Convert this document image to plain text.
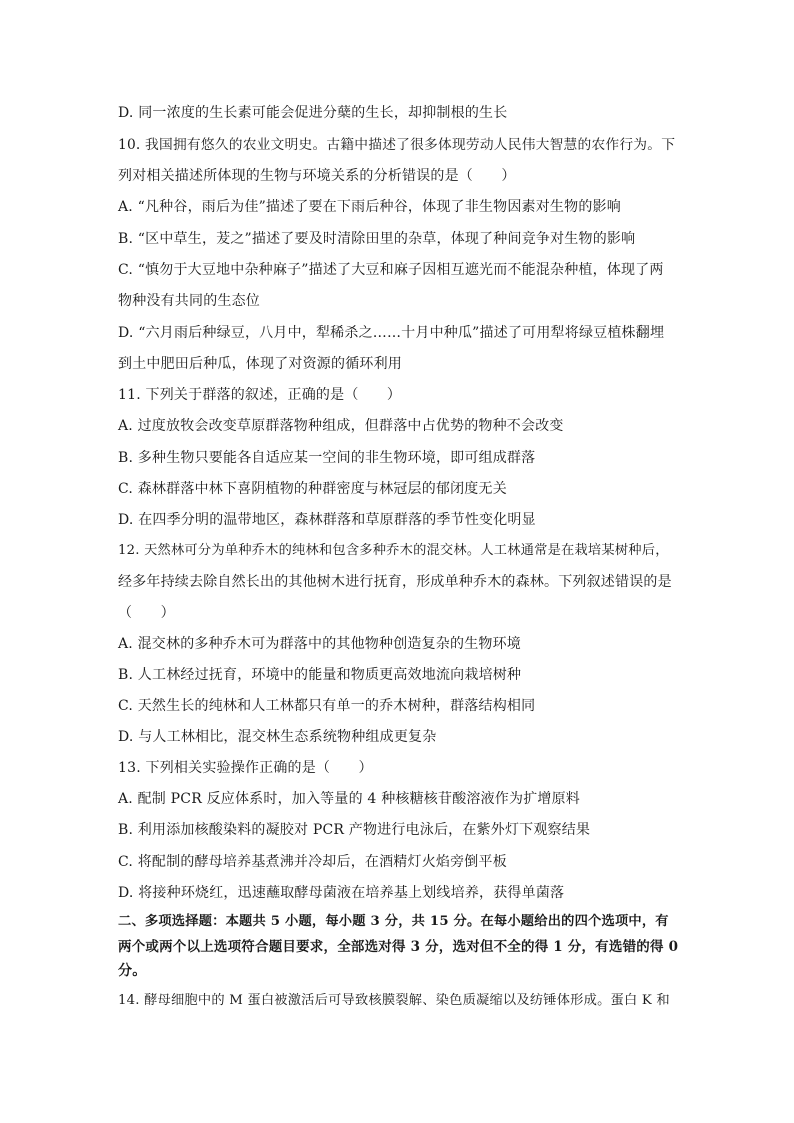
D. 同一浓度的生长素可能会促进分蘖的生长，却抑制根的生长
10. 我国拥有悠久的农业文明史。古籍中描述了很多体现劳动人民伟大智慧的农作行为。下
列对相关描述所体现的生物与环境关系的分析错误的是（　　）
A. “凡种谷，雨后为佳”描述了要在下雨后种谷，体现了非生物因素对生物的影响
B. “区中草生，茇之”描述了要及时清除田里的杂草，体现了种间竞争对生物的影响
C. “慎勿于大豆地中杂种麻子”描述了大豆和麻子因相互遮光而不能混杂种植，体现了两
物种没有共同的生态位
D. “六月雨后种绿豆，八月中，犁稀杀之……十月中种瓜”描述了可用犁将绿豆植株翻埋
到土中肥田后种瓜，体现了对资源的循环利用
11. 下列关于群落的叙述，正确的是（　　）
A. 过度放牧会改变草原群落物种组成，但群落中占优势的物种不会改变
B. 多种生物只要能各自适应某一空间的非生物环境，即可组成群落
C. 森林群落中林下喜阴植物的种群密度与林冠层的郁闭度无关
D. 在四季分明的温带地区，森林群落和草原群落的季节性变化明显
12. 天然林可分为单种乔木的纯林和包含多种乔木的混交林。人工林通常是在栽培某树种后，
经多年持续去除自然长出的其他树木进行抚育，形成单种乔木的森林。下列叙述错误的是
（　　）
A. 混交林的多种乔木可为群落中的其他物种创造复杂的生物环境
B. 人工林经过抚育，环境中的能量和物质更高效地流向栽培树种
C. 天然生长的纯林和人工林都只有单一的乔木树种，群落结构相同
D. 与人工林相比，混交林生态系统物种组成更复杂
13. 下列相关实验操作正确的是（　　）
A. 配制 PCR 反应体系时，加入等量的 4 种核糖核苷酸溶液作为扩增原料
B. 利用添加核酸染料的凝胶对 PCR 产物进行电泳后，在紫外灯下观察结果
C. 将配制的酵母培养基煮沸并冷却后，在酒精灯火焰旁倒平板
D. 将接种环烧红，迅速蘸取酵母菌液在培养基上划线培养，获得单菌落
二、多项选择题：本题共 5 小题，每小题 3 分，共 15 分。在每小题给出的四个选项中，有
两个或两个以上选项符合题目要求，全部选对得 3 分，选对但不全的得 1 分，有选错的得 0
分。
14. 酵母细胞中的 M 蛋白被激活后可导致核膜裂解、染色质凝缩以及纺锤体形成。蛋白 K 和
